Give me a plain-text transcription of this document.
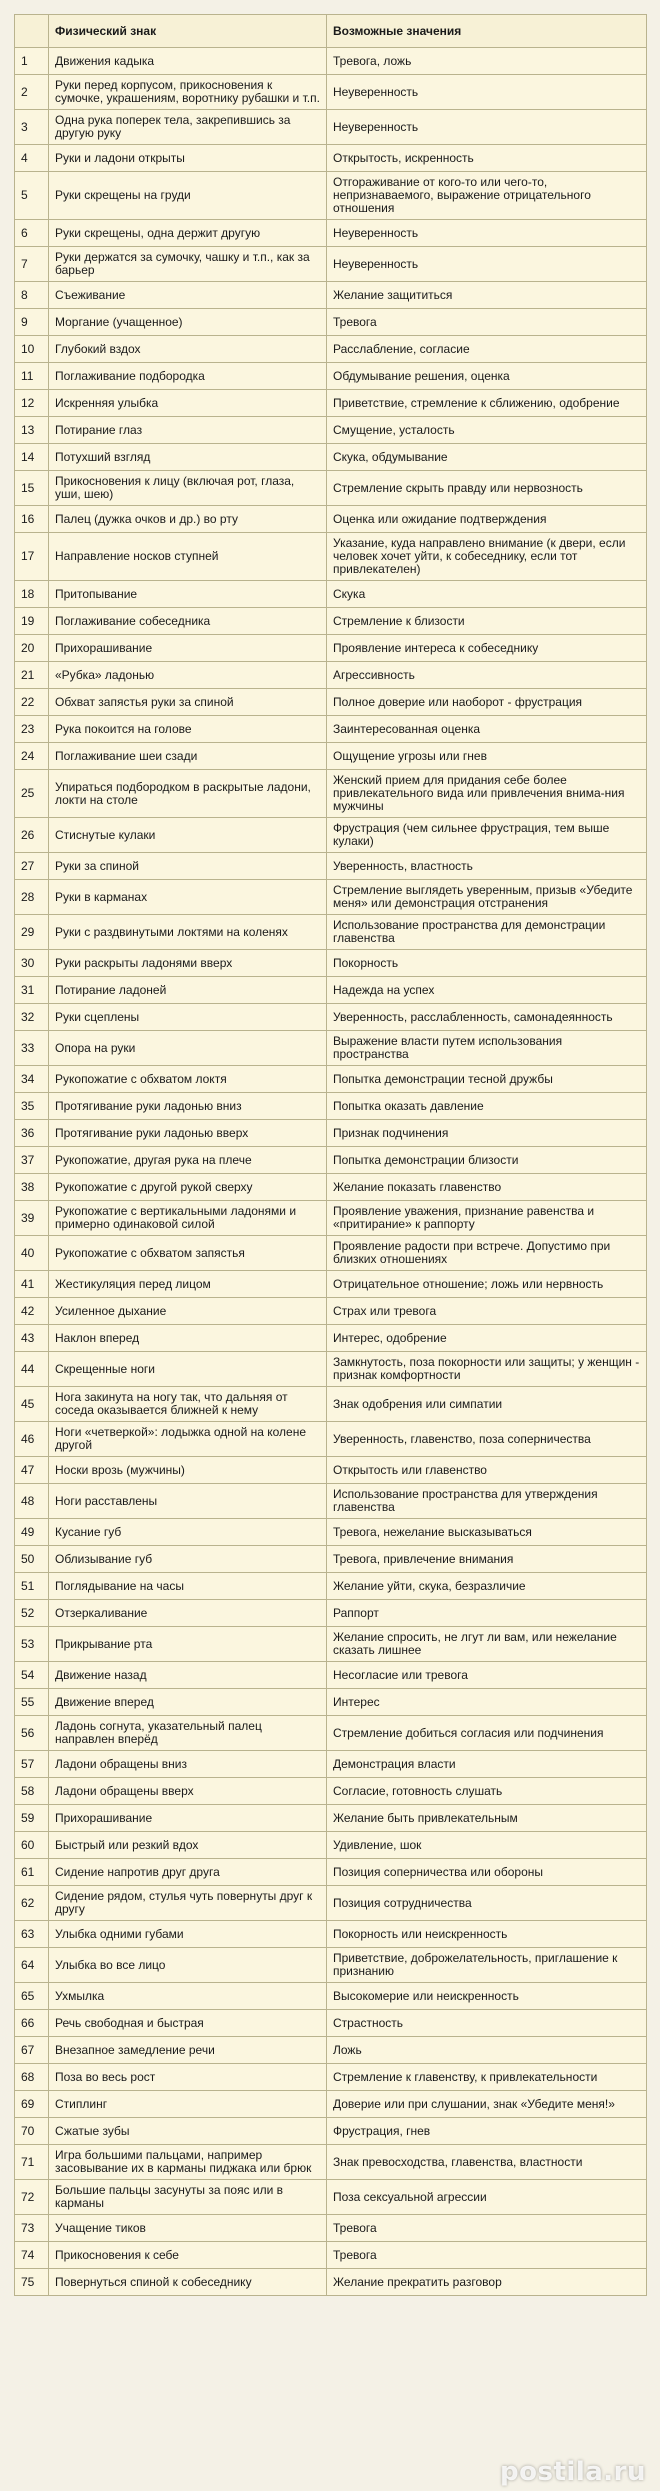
	Физический знак	Возможные значения
1	Движения кадыка	Тревога, ложь
2	Руки перед корпусом, прикосновения к сумочке, украшениям, воротнику рубашки и т.п.	Неуверенность
3	Одна рука поперек тела, закрепившись за другую руку	Неуверенность
4	Руки и ладони открыты	Открытость, искренность
5	Руки скрещены на груди	Отгораживание от кого-то или чего-то, непризнаваемого, выражение отрицательного отношения
6	Руки скрещены, одна держит другую	Неуверенность
7	Руки держатся за сумочку, чашку и т.п., как за барьер	Неуверенность
8	Съеживание	Желание защититься
9	Моргание (учащенное)	Тревога
10	Глубокий вздох	Расслабление, согласие
11	Поглаживание подбородка	Обдумывание решения, оценка
12	Искренняя улыбка	Приветствие, стремление к сближению, одобрение
13	Потирание глаз	Смущение, усталость
14	Потухший взгляд	Скука, обдумывание
15	Прикосновения к лицу (включая рот, глаза, уши, шею)	Стремление скрыть правду или нервозность
16	Палец (дужка очков и др.) во рту	Оценка или ожидание подтверждения
17	Направление носков ступней	Указание, куда направлено внимание (к двери, если человек хочет уйти, к собеседнику, если тот привлекателен)
18	Притопывание	Скука
19	Поглаживание собеседника	Стремление к близости
20	Прихорашивание	Проявление интереса к собеседнику
21	«Рубка» ладонью	Агрессивность
22	Обхват запястья руки за спиной	Полное доверие или наоборот - фрустрация
23	Рука покоится на голове	Заинтересованная оценка
24	Поглаживание шеи сзади	Ощущение угрозы или гнев
25	Упираться подбородком в раскрытые ладони, локти на столе	Женский прием для придания себе более привлекательного вида или привлечения внима-ния мужчины
26	Стиснутые кулаки	Фрустрация (чем сильнее фрустрация, тем выше кулаки)
27	Руки за спиной	Уверенность, властность
28	Руки в карманах	Стремление выглядеть уверенным, призыв «Убедите меня» или демонстрация отстранения
29	Руки с раздвинутыми локтями на коленях	Использование пространства для демонстрации главенства
30	Руки раскрыты ладонями вверх	Покорность
31	Потирание ладоней	Надежда на успех
32	Руки сцеплены	Уверенность, расслабленность, самонадеянность
33	Опора на руки	Выражение власти путем использования пространства
34	Рукопожатие с обхватом локтя	Попытка демонстрации тесной дружбы
35	Протягивание руки ладонью вниз	Попытка оказать давление
36	Протягивание руки ладонью вверх	Признак подчинения
37	Рукопожатие, другая рука на плече	Попытка демонстрации близости
38	Рукопожатие с другой рукой сверху	Желание показать главенство
39	Рукопожатие с вертикальными ладонями и примерно одинаковой силой	Проявление уважения, признание равенства и «притирание» к раппорту
40	Рукопожатие с обхватом запястья	Проявление радости при встрече. Допустимо при близких отношениях
41	Жестикуляция перед лицом	Отрицательное отношение; ложь или нервность
42	Усиленное дыхание	Страх или тревога
43	Наклон вперед	Интерес, одобрение
44	Скрещенные ноги	Замкнутость, поза покорности или защиты; у женщин - признак комфортности
45	Нога закинута на ногу так, что дальняя от соседа оказывается ближней к нему	Знак одобрения или симпатии
46	Ноги «четверкой»: лодыжка одной на колене другой	Уверенность, главенство, поза соперничества
47	Носки врозь (мужчины)	Открытость или главенство
48	Ноги расставлены	Использование пространства для утверждения главенства
49	Кусание губ	Тревога, нежелание высказываться
50	Облизывание губ	Тревога, привлечение внимания
51	Поглядывание на часы	Желание уйти, скука, безразличие
52	Отзеркаливание	Раппорт
53	Прикрывание рта	Желание спросить, не лгут ли вам, или нежелание сказать лишнее
54	Движение назад	Несогласие или тревога
55	Движение вперед	Интерес
56	Ладонь согнута, указательный палец направлен вперёд	Стремление добиться согласия или подчинения
57	Ладони обращены вниз	Демонстрация власти
58	Ладони обращены вверх	Согласие, готовность слушать
59	Прихорашивание	Желание быть привлекательным
60	Быстрый или резкий вдох	Удивление, шок
61	Сидение напротив друг друга	Позиция соперничества или обороны
62	Сидение рядом, стулья чуть повернуты друг к другу	Позиция сотрудничества
63	Улыбка одними губами	Покорность или неискренность
64	Улыбка во все лицо	Приветствие, доброжелательность, приглашение к признанию
65	Ухмылка	Высокомерие или неискренность
66	Речь свободная и быстрая	Страстность
67	Внезапное замедление речи	Ложь
68	Поза во весь рост	Стремление к главенству, к привлекательности
69	Стиплинг	Доверие или при слушании, знак «Убедите меня!»
70	Сжатые зубы	Фрустрация, гнев
71	Игра большими пальцами, например засовывание их в карманы пиджака или брюк	Знак превосходства, главенства, властности
72	Большие пальцы засунуты за пояс или в карманы	Поза сексуальной агрессии
73	Учащение тиков	Тревога
74	Прикосновения к себе	Тревога
75	Повернуться спиной к собеседнику	Желание прекратить разговор
postila.ru
